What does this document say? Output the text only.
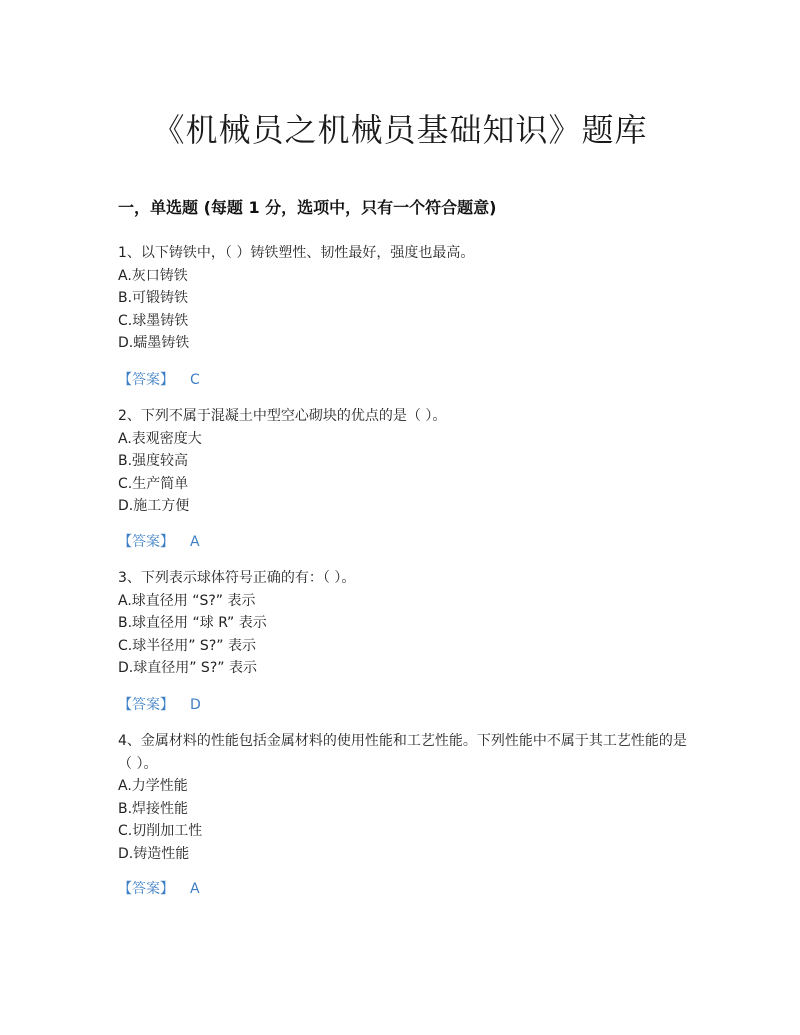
《机械员之机械员基础知识》题库
一，单选题 (每题 1 分，选项中，只有一个符合题意)

1、以下铸铁中，（ ）铸铁塑性、韧性最好，强度也最高。

A.灰口铸铁

B.可锻铸铁

C.球墨铸铁

D.蠕墨铸铁

【答案】 C

2、下列不属于混凝土中型空心砌块的优点的是（ ）。

A.表观密度大

B.强度较高

C.生产简单

D.施工方便

【答案】 A

3、下列表示球体符号正确的有：（ ）。

A.球直径用 “S?” 表示

B.球直径用 “球 R” 表示

C.球半径用” S?” 表示

D.球直径用” S?” 表示

【答案】 D

4、金属材料的性能包括金属材料的使用性能和工艺性能。下列性能中不属于其工艺性能的是（ ）。

A.力学性能

B.焊接性能

C.切削加工性

D.铸造性能

【答案】 A
